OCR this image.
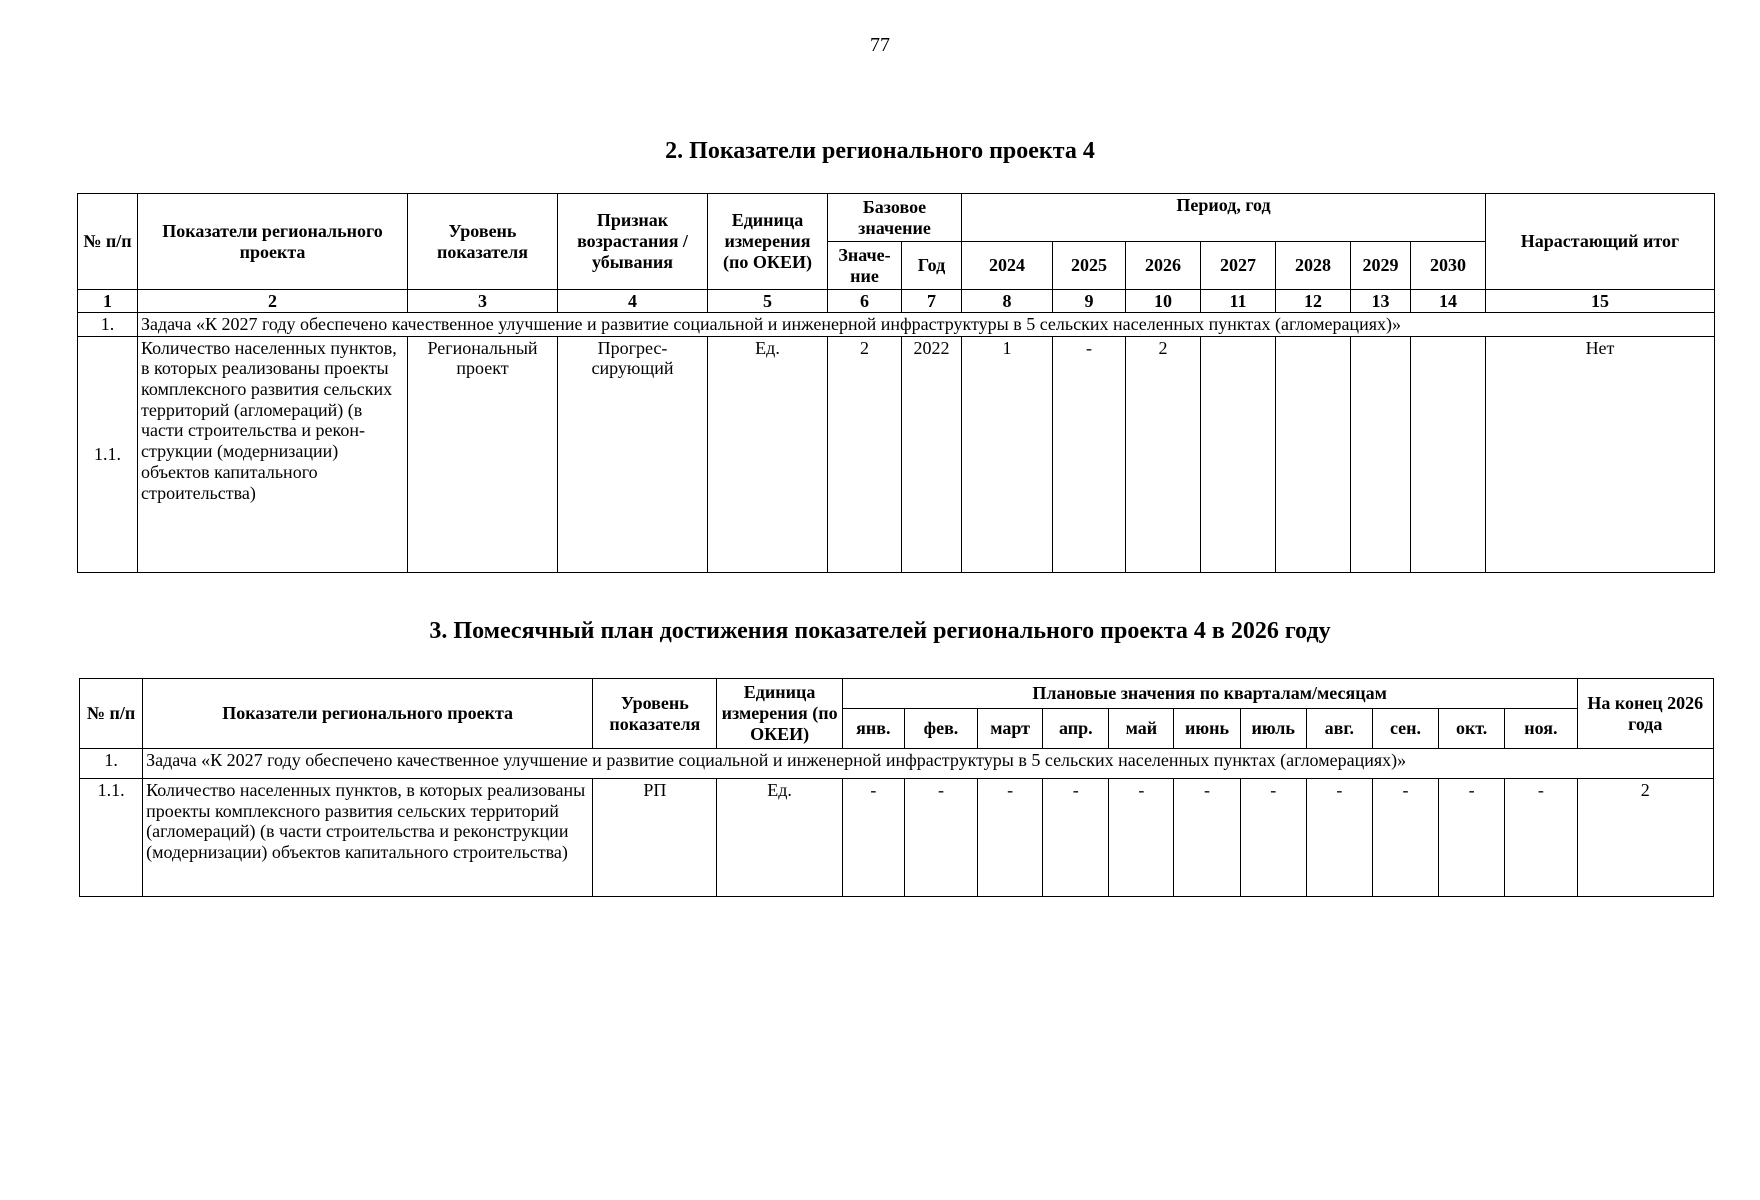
77
2. Показатели регионального проекта 4
№ п/п	Показатели регионального проекта	Уровень показателя	Признак возрастания / убывания	Единица измерения (по ОКЕИ)	Базовое значение		Период, год							Нарастающий итог
					Значе-ние	Год	2024	2025	2026	2027	2028	2029	2030	
1	2	3	4	5	6	7	8	9	10	11	12	13	14	15
1.	Задача «К 2027 году обеспечено качественное улучшение и развитие социальной и инженерной инфраструктуры в 5 сельских населенных пунктах (агломерациях)»													
1.1.	Количество населенных пунктов, в которых реализованы проекты комплексного развития сельских территорий (агломераций) (в части строительства и рекон-струкции (модернизации) объектов капитального строительства)	Региональный проект	Прогрес-сирующий	Ед.	2	2022	1	-	2					Нет
3. Помесячный план достижения показателей регионального проекта 4 в 2026 году
№ п/п	Показатели регионального проекта	Уровень показателя	Единица измерения (по ОКЕИ)	Плановые значения по кварталам/месяцам											На конец 2026 года
				янв.	фев.	март	апр.	май	июнь	июль	авг.	сен.	окт.	ноя.	
1.	Задача «К 2027 году обеспечено качественное улучшение и развитие социальной и инженерной инфраструктуры в 5 сельских населенных пунктах (агломерациях)»														
1.1.	Количество населенных пунктов, в которых реализованы проекты комплексного развития сельских территорий (агломераций) (в части строительства и реконструкции (модернизации) объектов капитального строительства)	РП	Ед.	-	-	-	-	-	-	-	-	-	-	-	2
